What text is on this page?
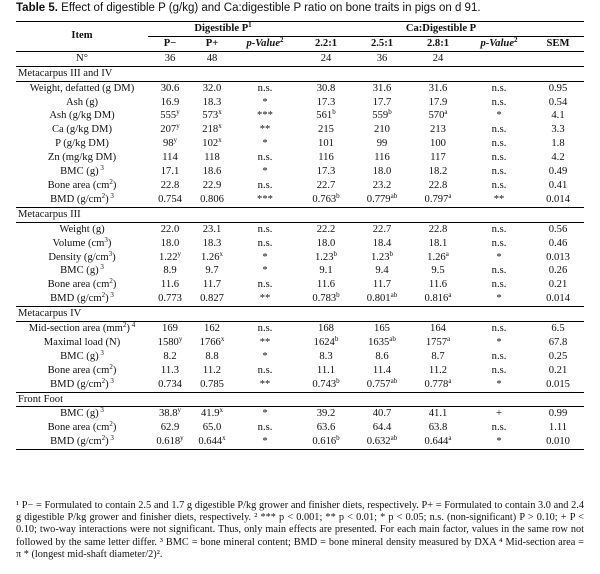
Table 5. Effect of digestible P (g/kg) and Ca:digestible P ratio on bone traits in pigs on d 91.
Item	Digestible $P^1$			Ca:Digestible P				
	P−	P+	p-Value$^2$	2.2:1	2.5:1	2.8:1	p-Value$^2$	SEM
N°	36	48		24	36	24		
Metacarpus III and IV								
Weight, defatted (g DM)	30.6	32.0	n.s.	30.8	31.6	31.6	n.s.	0.95
Ash (g)	16.9	18.3	*	17.3	17.7	17.9	n.s.	0.54
Ash (g/kg DM)	555$^y$	573$^x$	***	561$^b$	559$^b$	570$^a$	*	4.1
Ca (g/kg DM)	207$^y$	218$^x$	**	215	210	213	n.s.	3.3
P (g/kg DM)	98$^y$	102$^x$	*	101	99	100	n.s.	1.8
Zn (mg/kg DM)	114	118	n.s.	116	116	117	n.s.	4.2
BMC (g) $^3$	17.1	18.6	*	17.3	18.0	18.2	n.s.	0.49
Bone area $(cm^2)$	22.8	22.9	n.s.	22.7	23.2	22.8	n.s.	0.41
BMD $(g/cm^2)$ $^3$	0.754	0.806	***	0.763$^b$	0.779$^{ab}$	0.797$^a$	**	0.014
Metacarpus III								
Weight (g)	22.0	23.1	n.s.	22.2	22.7	22.8	n.s.	0.56
Volume $(cm^3)$	18.0	18.3	n.s.	18.0	18.4	18.1	n.s.	0.46
Density $(g/cm^3)$	1.22$^y$	1.26$^x$	*	1.23$^b$	1.23$^b$	1.26$^a$	*	0.013
BMC (g) $^3$	8.9	9.7	*	9.1	9.4	9.5	n.s.	0.26
Bone area $(cm^2)$	11.6	11.7	n.s.	11.6	11.7	11.6	n.s.	0.21
BMD $(g/cm^2)$ $^3$	0.773	0.827	**	0.783$^b$	0.801$^{ab}$	0.816$^a$	*	0.014
Metacarpus IV								
Mid-section area $(mm^2)$ $^4$	169	162	n.s.	168	165	164	n.s.	6.5
Maximal load (N)	1580$^y$	1766$^x$	**	1624$^b$	$1635^{ab}$	1757$^a$	*	67.8
BMC (g) $^3$	8.2	8.8	*	8.3	8.6	8.7	n.s.	0.25
Bone area $(cm^2)$	11.3	11.2	n.s.	11.1	11.4	11.2	n.s.	0.21
BMD $(g/cm^2)$ $^3$	0.734	0.785	**	0.743$^b$	0.757$^{ab}$	0.778$^a$	*	0.015
Front Foot								
BMC (g) $^3$	38.8$^y$	41.9$^x$	*	39.2	40.7	41.1	+	0.99
Bone area $(cm^2)$	62.9	65.0	n.s.	63.6	64.4	63.8	n.s.	1.11
BMD $(g/cm^2)$ $^3$	0.618$^y$	0.644$^x$	*	0.616$^b$	0.632$^{ab}$	0.644$^a$	*	0.010
¹ P− = Formulated to contain 2.5 and 1.7 g digestible P/kg grower and finisher diets, respectively. P+ = Formulated to contain 3.0 and 2.4 g digestible P/kg grower and finisher diets, respectively. ² *** p < 0.001; ** p < 0.01; * p < 0.05; n.s. (non-significant) P > 0.10; + P < 0.10; two-way interactions were not significant. Thus, only main effects are presented. For each main factor, values in the same row not followed by the same letter differ. ³ BMC = bone mineral content; BMD = bone mineral density measured by DXA ⁴ Mid-section area = π * (longest mid-shaft diameter/2)².
